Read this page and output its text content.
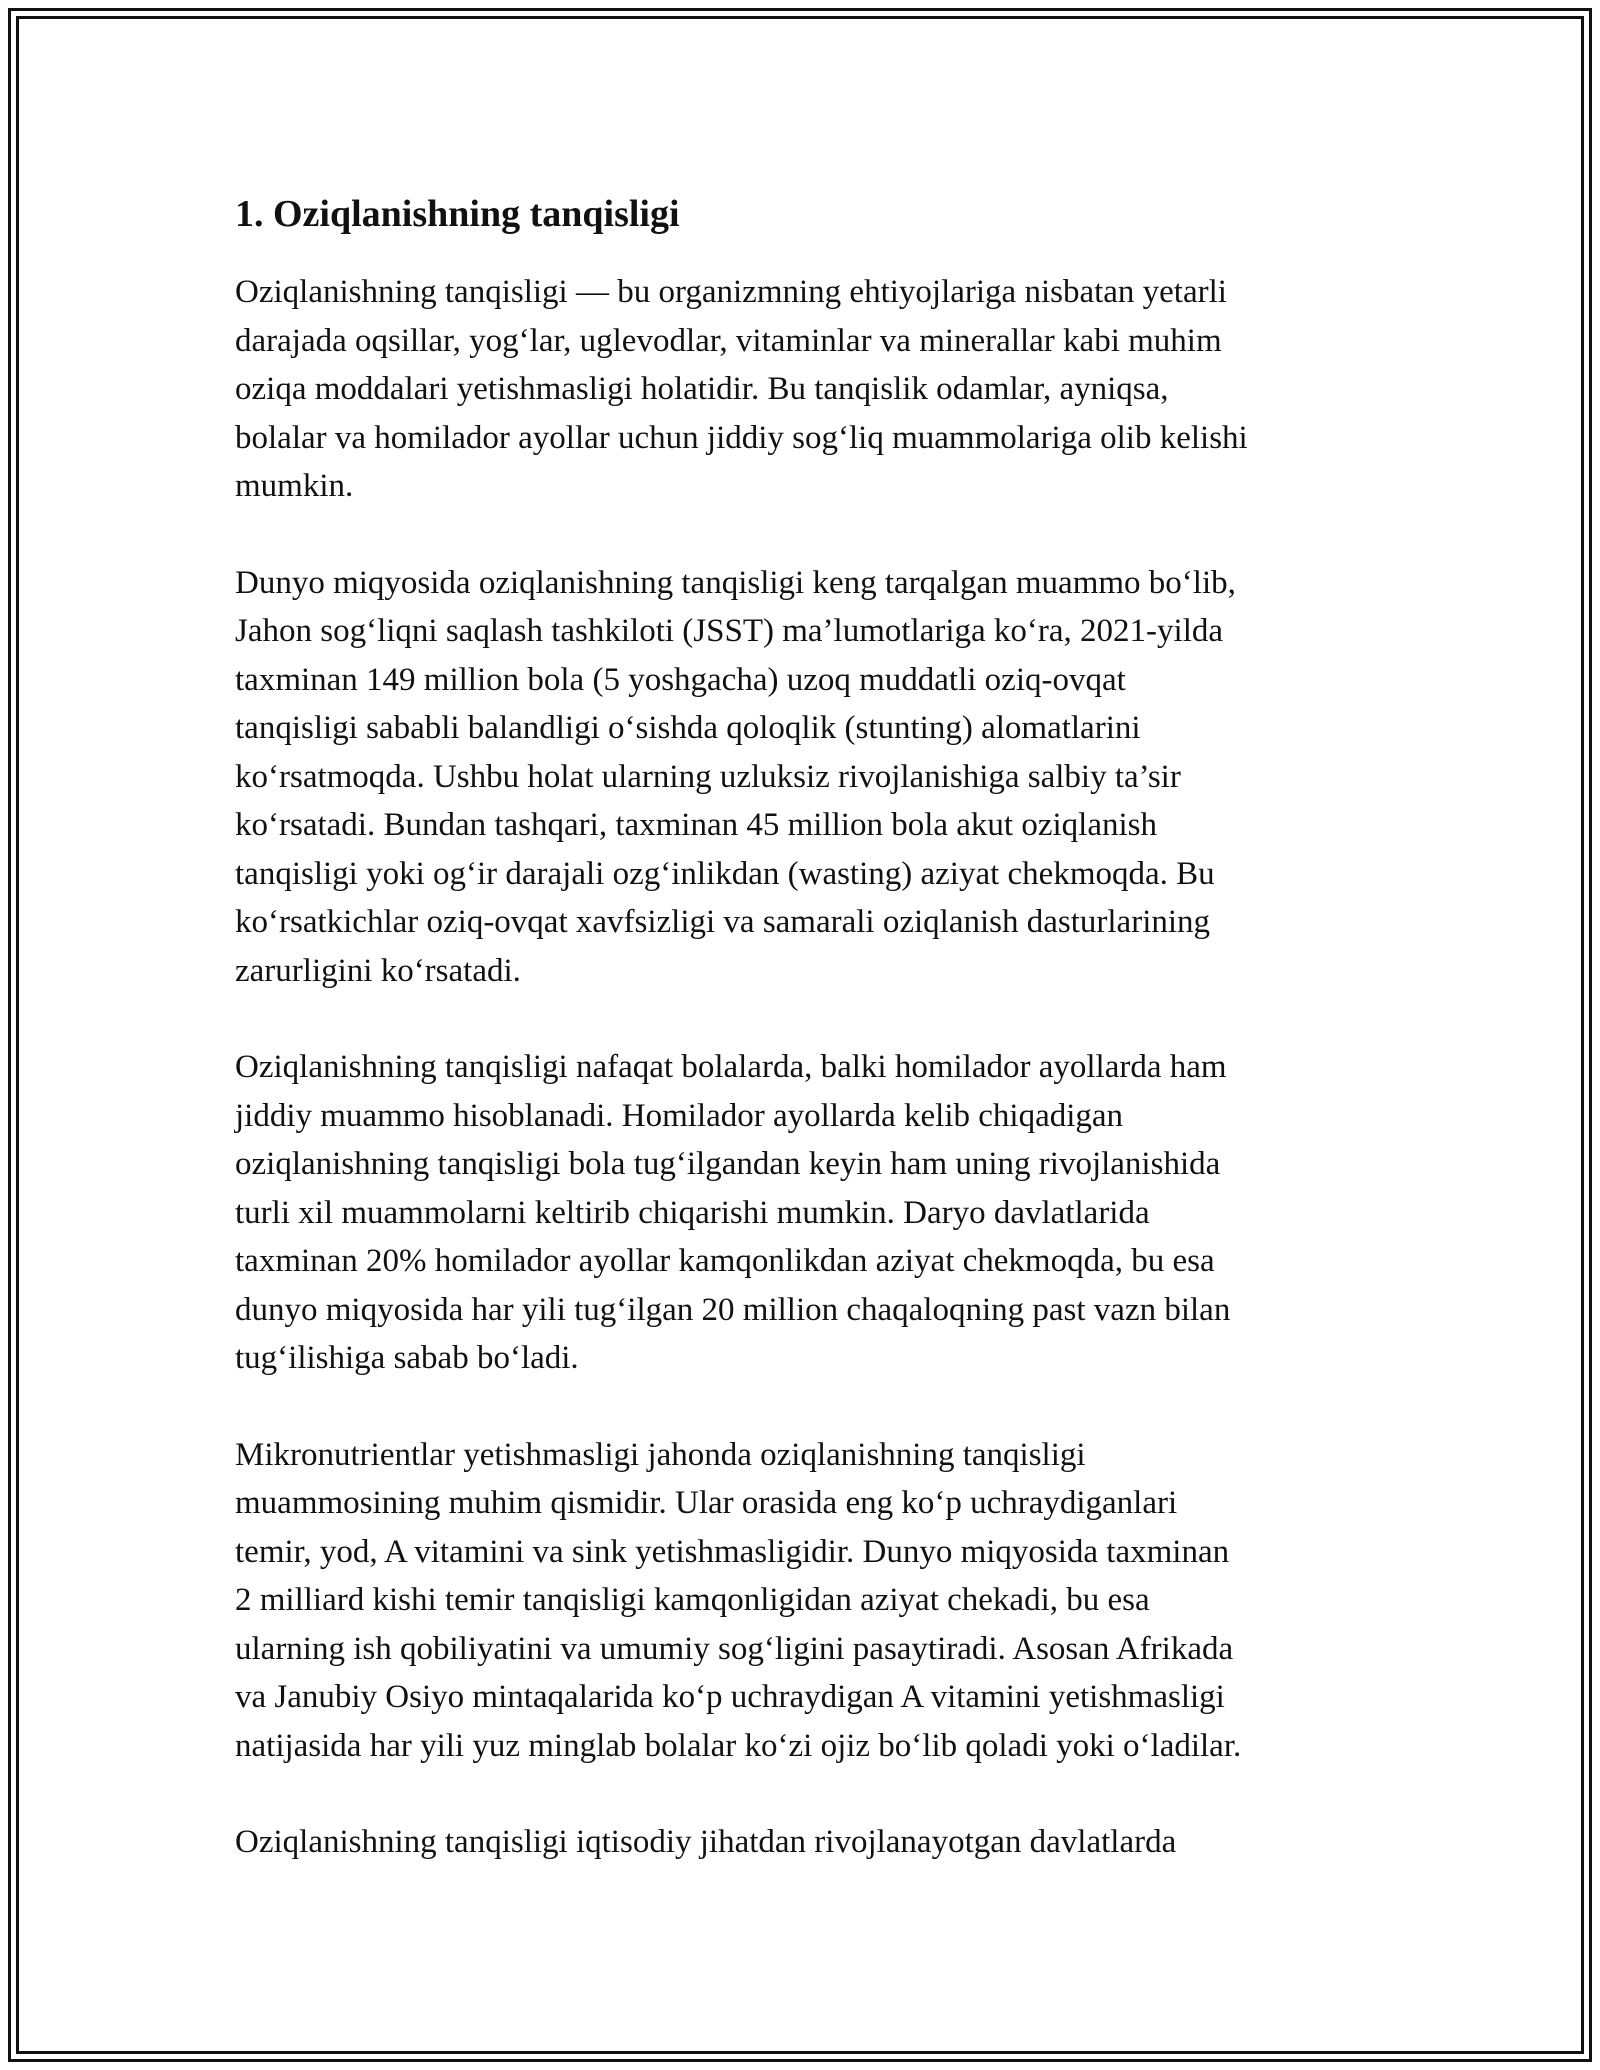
1. Oziqlanishning tanqisligi

Oziqlanishning tanqisligi — bu organizmning ehtiyojlariga nisbatan yetarli
darajada oqsillar, yog‘lar, uglevodlar, vitaminlar va minerallar kabi muhim
oziqa moddalari yetishmasligi holatidir. Bu tanqislik odamlar, ayniqsa,
bolalar va homilador ayollar uchun jiddiy sog‘liq muammolariga olib kelishi
mumkin.

Dunyo miqyosida oziqlanishning tanqisligi keng tarqalgan muammo bo‘lib,
Jahon sog‘liqni saqlash tashkiloti (JSST) ma’lumotlariga ko‘ra, 2021-yilda
taxminan 149 million bola (5 yoshgacha) uzoq muddatli oziq-ovqat
tanqisligi sababli balandligi o‘sishda qoloqlik (stunting) alomatlarini
ko‘rsatmoqda. Ushbu holat ularning uzluksiz rivojlanishiga salbiy ta’sir
ko‘rsatadi. Bundan tashqari, taxminan 45 million bola akut oziqlanish
tanqisligi yoki og‘ir darajali ozg‘inlikdan (wasting) aziyat chekmoqda. Bu
ko‘rsatkichlar oziq-ovqat xavfsizligi va samarali oziqlanish dasturlarining
zarurligini ko‘rsatadi.

Oziqlanishning tanqisligi nafaqat bolalarda, balki homilador ayollarda ham
jiddiy muammo hisoblanadi. Homilador ayollarda kelib chiqadigan
oziqlanishning tanqisligi bola tug‘ilgandan keyin ham uning rivojlanishida
turli xil muammolarni keltirib chiqarishi mumkin. Daryo davlatlarida
taxminan 20% homilador ayollar kamqonlikdan aziyat chekmoqda, bu esa
dunyo miqyosida har yili tug‘ilgan 20 million chaqaloqning past vazn bilan
tug‘ilishiga sabab bo‘ladi.

Mikronutrientlar yetishmasligi jahonda oziqlanishning tanqisligi
muammosining muhim qismidir. Ular orasida eng ko‘p uchraydiganlari
temir, yod, A vitamini va sink yetishmasligidir. Dunyo miqyosida taxminan
2 milliard kishi temir tanqisligi kamqonligidan aziyat chekadi, bu esa
ularning ish qobiliyatini va umumiy sog‘ligini pasaytiradi. Asosan Afrikada
va Janubiy Osiyo mintaqalarida ko‘p uchraydigan A vitamini yetishmasligi
natijasida har yili yuz minglab bolalar ko‘zi ojiz bo‘lib qoladi yoki o‘ladilar.

Oziqlanishning tanqisligi iqtisodiy jihatdan rivojlanayotgan davlatlarda
